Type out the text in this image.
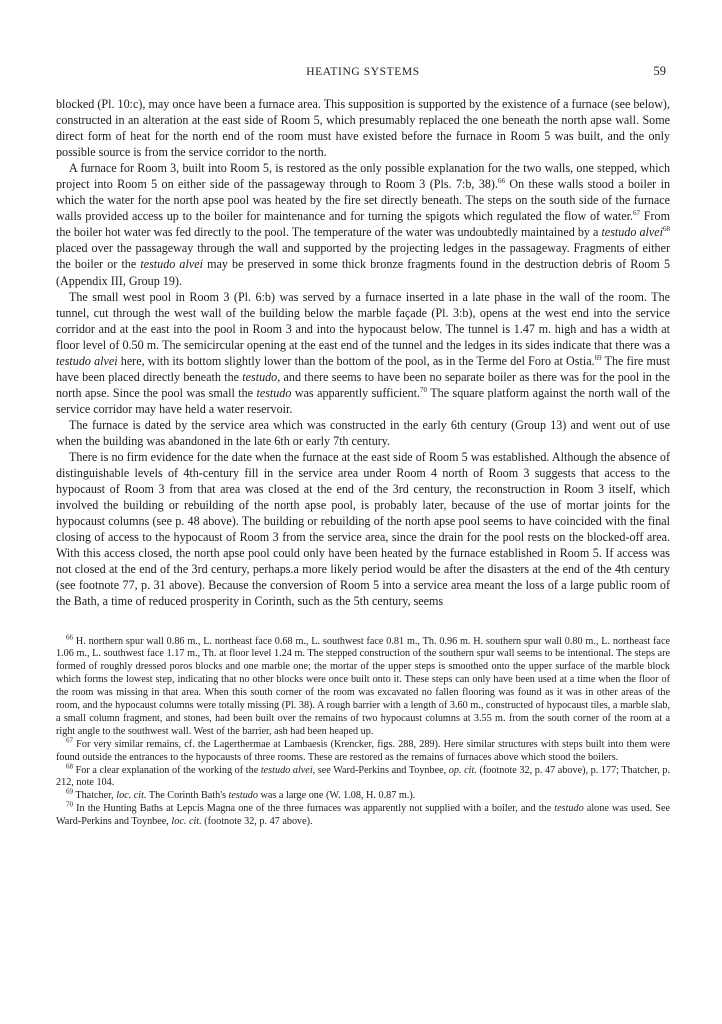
HEATING SYSTEMS	59

blocked (Pl. 10:c), may once have been a furnace area. This supposition is supported by the existence of a furnace (see below), constructed in an alteration at the east side of Room 5, which presumably replaced the one beneath the north apse wall. Some direct form of heat for the north end of the room must have existed before the furnace in Room 5 was built, and the only possible source is from the service corridor to the north.

A furnace for Room 3, built into Room 5, is restored as the only possible explanation for the two walls, one stepped, which project into Room 5 on either side of the passageway through to Room 3 (Pls. 7:b, 38).$^{66}$ On these walls stood a boiler in which the water for the north apse pool was heated by the fire set directly beneath. The steps on the south side of the furnace walls provided access up to the boiler for maintenance and for turning the spigots which regulated the flow of water.$^{67}$ From the boiler hot water was fed directly to the pool. The temperature of the water was undoubtedly maintained by a testudo alvei$^{68}$ placed over the passageway through the wall and supported by the projecting ledges in the passageway. Fragments of either the boiler or the testudo alvei may be preserved in some thick bronze fragments found in the destruction debris of Room 5 (Appendix III, Group 19).

The small west pool in Room 3 (Pl. 6:b) was served by a furnace inserted in a late phase in the wall of the room. The tunnel, cut through the west wall of the building below the marble façade (Pl. 3:b), opens at the west end into the service corridor and at the east into the pool in Room 3 and into the hypocaust below. The tunnel is 1.47 m. high and has a width at floor level of 0.50 m. The semicircular opening at the east end of the tunnel and the ledges in its sides indicate that there was a testudo alvei here, with its bottom slightly lower than the bottom of the pool, as in the Terme del Foro at Ostia.$^{69}$ The fire must have been placed directly beneath the testudo, and there seems to have been no separate boiler as there was for the pool in the north apse. Since the pool was small the testudo was apparently sufficient.$^{70}$ The square platform against the north wall of the service corridor may have held a water reservoir.

The furnace is dated by the service area which was constructed in the early 6th century (Group 13) and went out of use when the building was abandoned in the late 6th or early 7th century.

There is no firm evidence for the date when the furnace at the east side of Room 5 was established. Although the absence of distinguishable levels of 4th-century fill in the service area under Room 4 north of Room 3 suggests that access to the hypocaust of Room 3 from that area was closed at the end of the 3rd century, the reconstruction in Room 3 itself, which involved the building or rebuilding of the north apse pool, is probably later, because of the use of mortar joints for the hypocaust columns (see p. 48 above). The building or rebuilding of the north apse pool seems to have coincided with the final closing of access to the hypocaust of Room 3 from the service area, since the drain for the pool rests on the blocked-off area. With this access closed, the north apse pool could only have been heated by the furnace established in Room 5. If access was not closed at the end of the 3rd century, perhaps.a more likely period would be after the disasters at the end of the 4th century (see footnote 77, p. 31 above). Because the conversion of Room 5 into a service area meant the loss of a large public room of the Bath, a time of reduced prosperity in Corinth, such as the 5th century, seems

$^{66}$ H. northern spur wall 0.86 m., L. northeast face 0.68 m., L. southwest face 0.81 m., Th. 0.96 m. H. southern spur wall 0.80 m., L. northeast face 1.06 m., L. southwest face 1.17 m., Th. at floor level 1.24 m. The stepped construction of the southern spur wall seems to be intentional. The steps are formed of roughly dressed poros blocks and one marble one; the mortar of the upper steps is smoothed onto the upper surface of the marble block which forms the lowest step, indicating that no other blocks were once built onto it. These steps can only have been used at a time when the floor of the room was missing in that area. When this south corner of the room was excavated no fallen flooring was found as it was in other areas of the room, and the hypocaust columns were totally missing (Pl. 38). A rough barrier with a length of 3.60 m., constructed of hypocaust tiles, a marble slab, a small column fragment, and stones, had been built over the remains of two hypocaust columns at 3.55 m. from the south corner of the room at a right angle to the southwest wall. West of the barrier, ash had been heaped up.

$^{67}$ For very similar remains, cf. the Lagerthermae at Lambaesis (Krencker, figs. 288, 289). Here similar structures with steps built into them were found outside the entrances to the hypocausts of three rooms. These are restored as the remains of furnaces above which stood the boilers.

$^{68}$ For a clear explanation of the working of the testudo alvei, see Ward-Perkins and Toynbee, op. cit. (footnote 32, p. 47 above), p. 177; Thatcher, p. 212, note 104.

$^{69}$ Thatcher, loc. cit. The Corinth Bath's testudo was a large one (W. 1.08, H. 0.87 m.).

$^{70}$ In the Hunting Baths at Lepcis Magna one of the three furnaces was apparently not supplied with a boiler, and the testudo alone was used. See Ward-Perkins and Toynbee, loc. cit. (footnote 32, p. 47 above).
